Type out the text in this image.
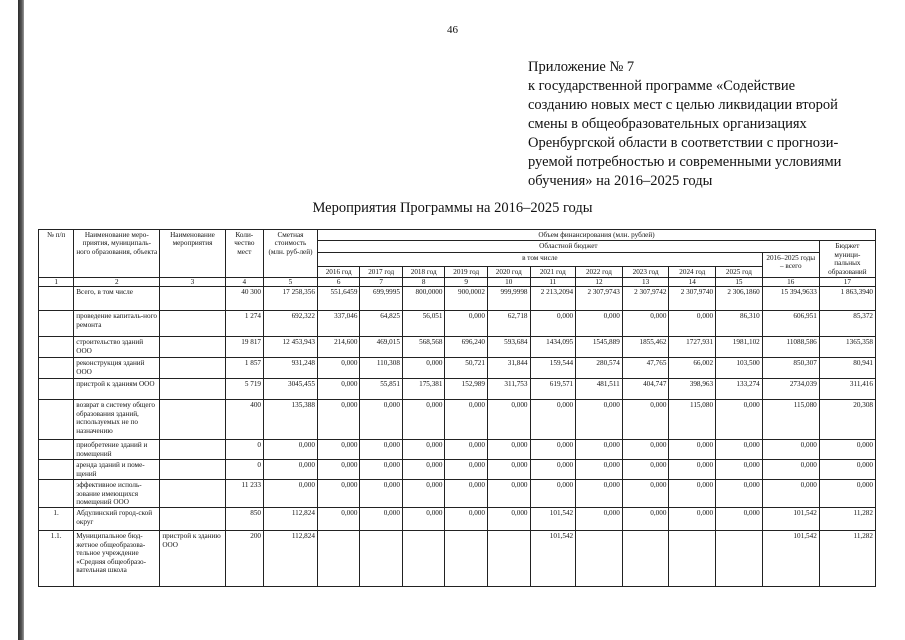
46
Приложение № 7
к государственной программе «Содействие
созданию новых мест с целью ликвидации второй
смены в общеобразовательных организациях
Оренбургской области в соответствии с прогнози-
руемой потребностью и современными условиями
обучения» на 2016–2025 годы
Мероприятия Программы на 2016–2025 годы
№ п/п	Наименование меро-приятия, муниципаль-ного образования, объекта	Наименование мероприятия	Коли-чество мест	Сметная стоимость (млн. руб-лей)	Объем финансирования (млн. рублей)											
					Областной бюджет											Бюджет муници-пальных образований
					в том числе										2016–2025 годы – всего	
					2016 год	2017 год	2018 год	2019 год	2020 год	2021 год	2022 год	2023 год	2024 год	2025 год		
1	2	3	4	5	6	7	8	9	10	11	12	13	14	15	16	17
	Всего, в том числе		40 300	17 258,356	551,6459	699,9995	800,0000	900,0002	999,9998	2 213,2094	2 307,9743	2 307,9742	2 307,9740	2 306,1860	15 394,9633	1 863,3940
	проведение капиталь-ного ремонта		1 274	692,322	337,046	64,825	56,051	0,000	62,718	0,000	0,000	0,000	0,000	86,310	606,951	85,372
	строительство зданий ООО		19 817	12 453,943	214,600	469,015	568,568	696,240	593,684	1434,095	1545,889	1855,462	1727,931	1981,102	11088,586	1365,358
	реконструкция зданий ООО		1 857	931,248	0,000	110,308	0,000	50,721	31,844	159,544	280,574	47,765	66,002	103,500	850,307	80,941
	пристрой к зданиям ООО		5 719	3045,455	0,000	55,851	175,381	152,989	311,753	619,571	481,511	404,747	398,963	133,274	2734,039	311,416
	возврат в систему общего образования зданий, используемых не по назначению		400	135,388	0,000	0,000	0,000	0,000	0,000	0,000	0,000	0,000	115,080	0,000	115,080	20,308
	приобретение зданий и помещений		0	0,000	0,000	0,000	0,000	0,000	0,000	0,000	0,000	0,000	0,000	0,000	0,000	0,000
	аренда зданий и поме-щений		0	0,000	0,000	0,000	0,000	0,000	0,000	0,000	0,000	0,000	0,000	0,000	0,000	0,000
	эффективное исполь-зование имеющихся помещений ООО		11 233	0,000	0,000	0,000	0,000	0,000	0,000	0,000	0,000	0,000	0,000	0,000	0,000	0,000
1.	Абдулинский город-ской округ		850	112,824	0,000	0,000	0,000	0,000	0,000	101,542	0,000	0,000	0,000	0,000	101,542	11,282
1.1.	Муниципальное бюд-жетное общеобразова-тельное учреждение «Средняя общеобразо-вательная школа	пристрой к зданию ООО	200	112,824						101,542					101,542	11,282
